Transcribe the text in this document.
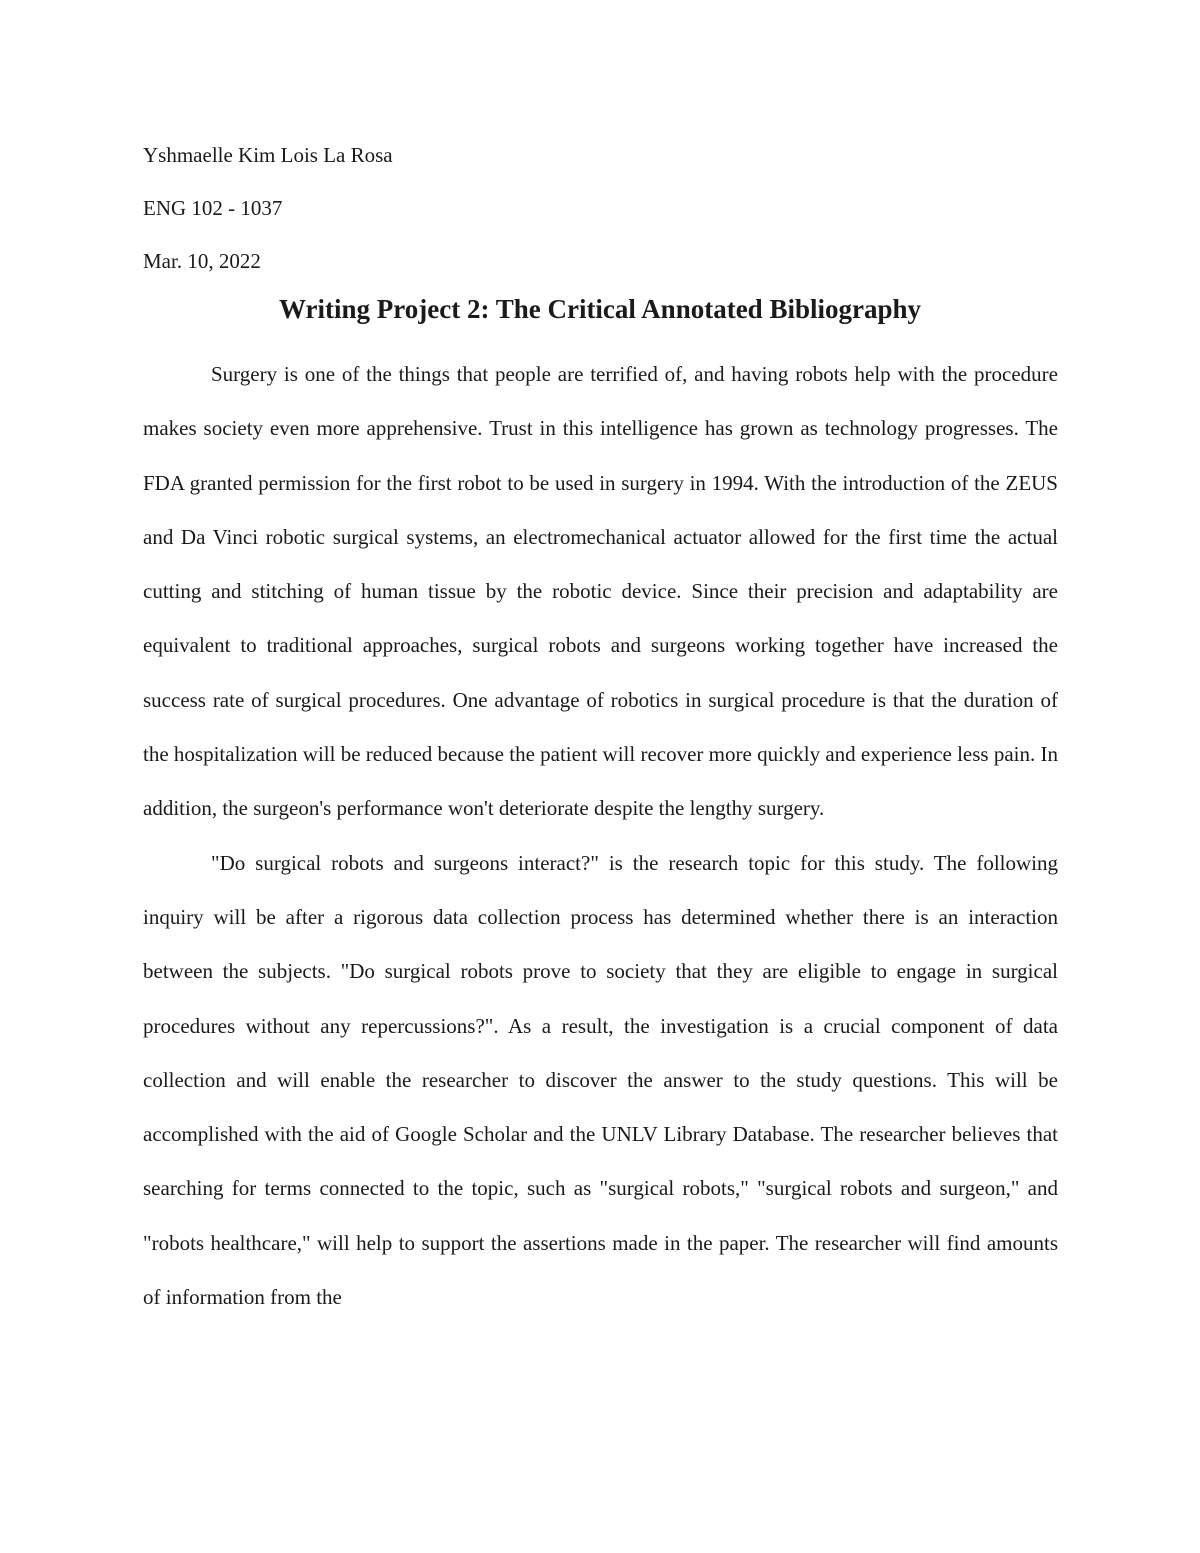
Yshmaelle Kim Lois La Rosa

ENG 102 - 1037

Mar. 10, 2022

Writing Project 2: The Critical Annotated Bibliography

Surgery is one of the things that people are terrified of, and having robots help with the procedure makes society even more apprehensive. Trust in this intelligence has grown as technology progresses. The FDA granted permission for the first robot to be used in surgery in 1994. With the introduction of the ZEUS and Da Vinci robotic surgical systems, an electromechanical actuator allowed for the first time the actual cutting and stitching of human tissue by the robotic device. Since their precision and adaptability are equivalent to traditional approaches, surgical robots and surgeons working together have increased the success rate of surgical procedures. One advantage of robotics in surgical procedure is that the duration of the hospitalization will be reduced because the patient will recover more quickly and experience less pain. In addition, the surgeon's performance won't deteriorate despite the lengthy surgery.

"Do surgical robots and surgeons interact?" is the research topic for this study. The following inquiry will be after a rigorous data collection process has determined whether there is an interaction between the subjects. "Do surgical robots prove to society that they are eligible to engage in surgical procedures without any repercussions?". As a result, the investigation is a crucial component of data collection and will enable the researcher to discover the answer to the study questions. This will be accomplished with the aid of Google Scholar and the UNLV Library Database. The researcher believes that searching for terms connected to the topic, such as "surgical robots," "surgical robots and surgeon," and "robots healthcare," will help to support the assertions made in the paper. The researcher will find amounts of information from the
